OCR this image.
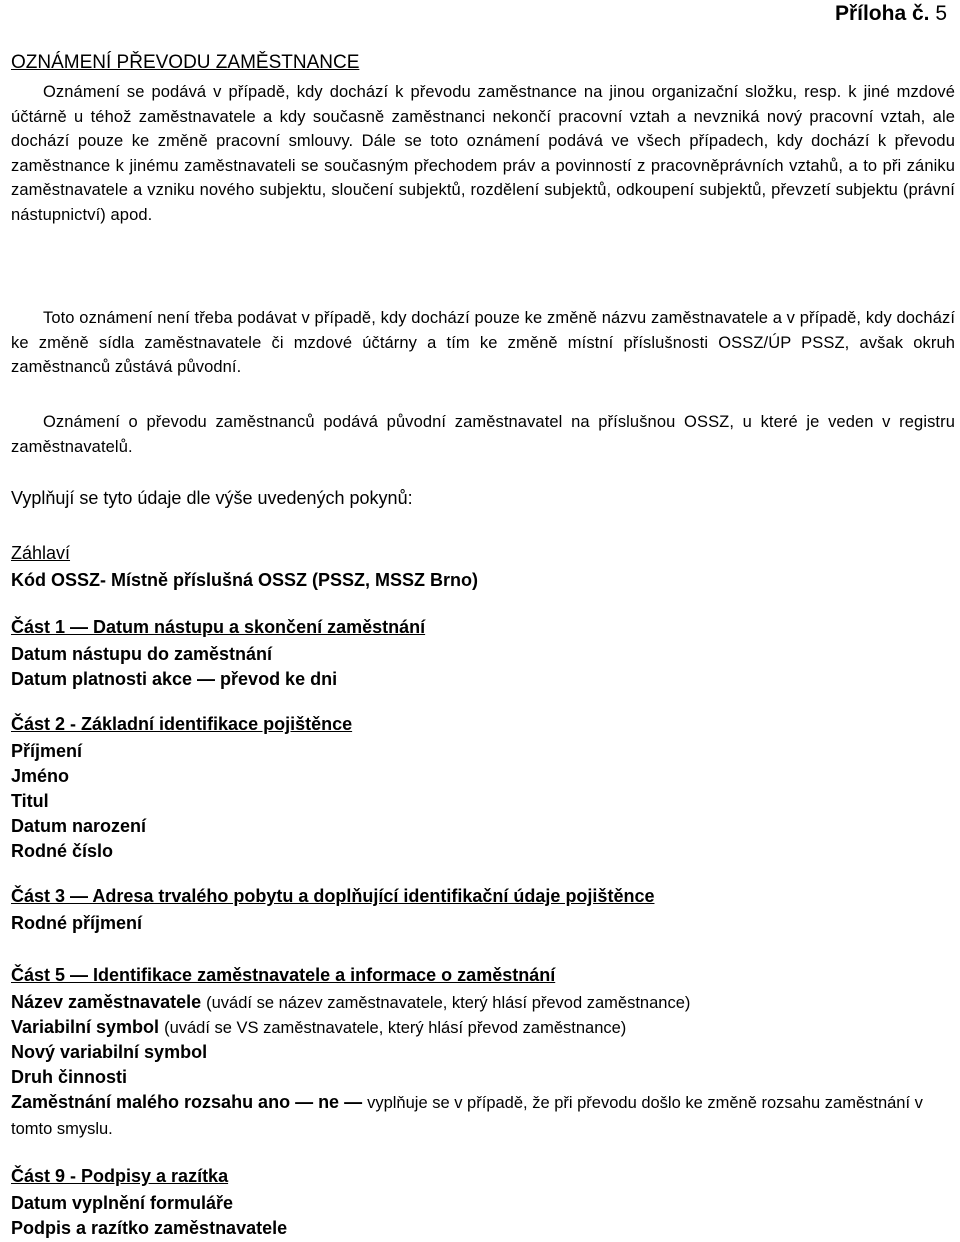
Příloha č. 5
OZNÁMENÍ PŘEVODU ZAMĚSTNANCE
Oznámení se podává v případě, kdy dochází k převodu zaměstnance na jinou organizační složku, resp. k jiné mzdové účtárně u téhož zaměstnavatele a kdy současně zaměstnanci nekončí pracovní vztah a nevzniká nový pracovní vztah, ale dochází pouze ke změně pracovní smlouvy. Dále se toto oznámení podává ve všech případech, kdy dochází k převodu zaměstnance k jinému zaměstnavateli se současným přechodem práv a povinností z pracovněprávních vztahů, a to při zániku zaměstnavatele a vzniku nového subjektu, sloučení subjektů, rozdělení subjektů, odkoupení subjektů, převzetí subjektu (právní nástupnictví) apod.
Toto oznámení není třeba podávat v případě, kdy dochází pouze ke změně názvu zaměstnavatele a v případě, kdy dochází ke změně sídla zaměstnavatele či mzdové účtárny a tím ke změně místní příslušnosti OSSZ/ÚP PSSZ, avšak okruh zaměstnanců zůstává původní.
Oznámení o převodu zaměstnanců podává původní zaměstnavatel na příslušnou OSSZ, u které je veden v registru zaměstnavatelů.
Vyplňují se tyto údaje dle výše uvedených pokynů:
Záhlaví
Kód OSSZ- Místně příslušná OSSZ (PSSZ, MSSZ Brno)
Část 1 — Datum nástupu a skončení zaměstnání
Datum nástupu do zaměstnání
Datum platnosti akce — převod ke dni
Část 2 - Základní identifikace pojištěnce
Příjmení
Jméno
Titul
Datum narození
Rodné číslo
Část 3 — Adresa trvalého pobytu a doplňující identifikační údaje pojištěnce
Rodné příjmení
Část 5 — Identifikace zaměstnavatele a informace o zaměstnání
Název zaměstnavatele (uvádí se název zaměstnavatele, který hlásí převod zaměstnance)
Variabilní symbol (uvádí se VS zaměstnavatele, který hlásí převod zaměstnance)
Nový variabilní symbol
Druh činnosti
Zaměstnání malého rozsahu ano — ne — vyplňuje se v případě, že při převodu došlo ke změně rozsahu zaměstnání v tomto smyslu.
Část 9 - Podpisy a razítka
Datum vyplnění formuláře
Podpis a razítko zaměstnavatele
